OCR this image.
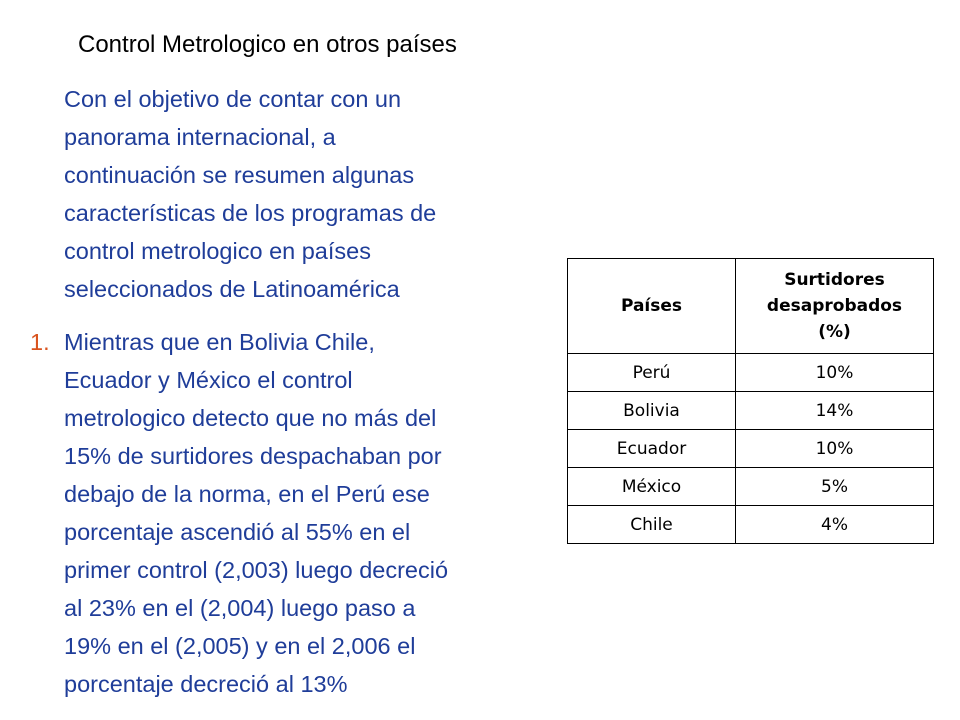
Control Metrologico en otros países
Con el objetivo de contar con un
panorama internacional, a
continuación se resumen algunas
características de los programas de
control metrologico en países
seleccionados de Latinoamérica
1. Mientras que en Bolivia Chile,
Ecuador y México el control
metrologico detecto que no más del
15% de surtidores despachaban por
debajo de la norma, en el Perú ese
porcentaje ascendió al 55% en el
primer control (2,003) luego decreció
al 23% en el (2,004) luego paso a
19% en el (2,005) y en el 2,006 el
porcentaje decreció al 13%
Países	Surtidores desaprobados (%)
Perú	10%
Bolivia	14%
Ecuador	10%
México	5%
Chile	4%
